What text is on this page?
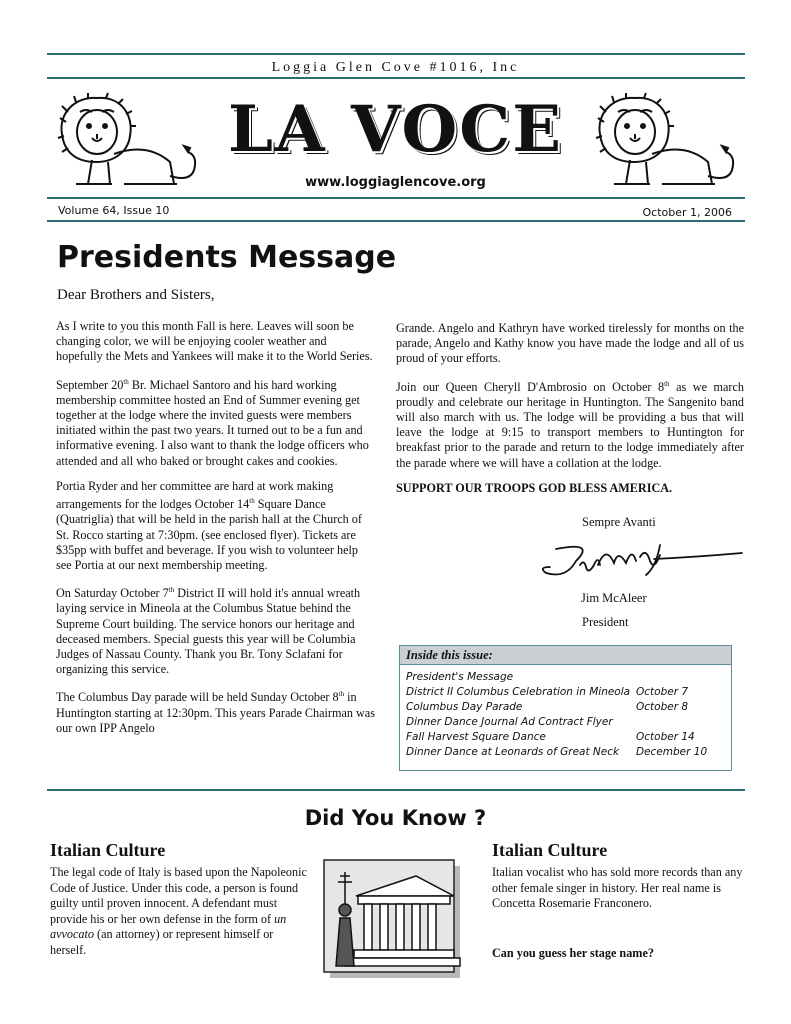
Loggia Glen Cove #1016, Inc
LA VOCE
www.loggiaglencove.org
Volume 64, Issue 10	October 1, 2006
Presidents Message
Dear Brothers and Sisters,

As I write to you this month Fall is here. Leaves will soon be changing color, we will be enjoying cooler weather and hopefully the Mets and Yankees will make it to the World Series.

September 20th Br. Michael Santoro and his hard working membership committee hosted an End of Summer evening get together at the lodge where the invited guests were members initiated within the past two years. It turned out to be a fun and informative evening. I also want to thank the lodge officers who attended and all who baked or brought cakes and cookies.

Portia Ryder and her committee are hard at work making arrangements for the lodges October 14th Square Dance (Quatriglia) that will be held in the parish hall at the Church of St. Rocco starting at 7:30pm. (see enclosed flyer). Tickets are $35pp with buffet and beverage. If you wish to volunteer help see Portia at our next membership meeting.

On Saturday October 7th District II will hold it's annual wreath laying service in Mineola at the Columbus Statue behind the Supreme Court building. The service honors our heritage and deceased members. Special guests this year will be Columbia Judges of Nassau County. Thank you Br. Tony Sclafani for organizing this service.

The Columbus Day parade will be held Sunday October 8th in Huntington starting at 12:30pm. This years Parade Chairman was our own IPP Angelo

Grande. Angelo and Kathryn have worked tirelessly for months on the parade, Angelo and Kathy know you have made the lodge and all of us proud of your efforts.

Join our Queen Cheryll D'Ambrosio on October 8th as we march proudly and celebrate our heritage in Huntington. The Sangenito band will also march with us. The lodge will be providing a bus that will leave the lodge at 9:15 to transport members to Huntington for breakfast prior to the parade and return to the lodge immediately after the parade where we will have a collation at the lodge.

SUPPORT OUR TROOPS GOD BLESS AMERICA.

Sempre Avanti
Jim McAleer
President
Inside this issue:
President's Message
District II Columbus Celebration in Mineola October 7
Columbus Day Parade	October 8
Dinner Dance Journal Ad Contract Flyer
Fall Harvest Square Dance	October 14
Dinner Dance at Leonards of Great Neck December 10
Did You Know ?
Italian Culture
The legal code of Italy is based upon the Napoleonic Code of Justice. Under this code, a person is found guilty until proven innocent. A defendant must provide his or her own defense in the form of un avvocato (an attorney) or represent himself or herself.
Italian Culture
Italian vocalist who has sold more records than any other female singer in history. Her real name is Concetta Rosemarie Franconero.
Can you guess her stage name?
